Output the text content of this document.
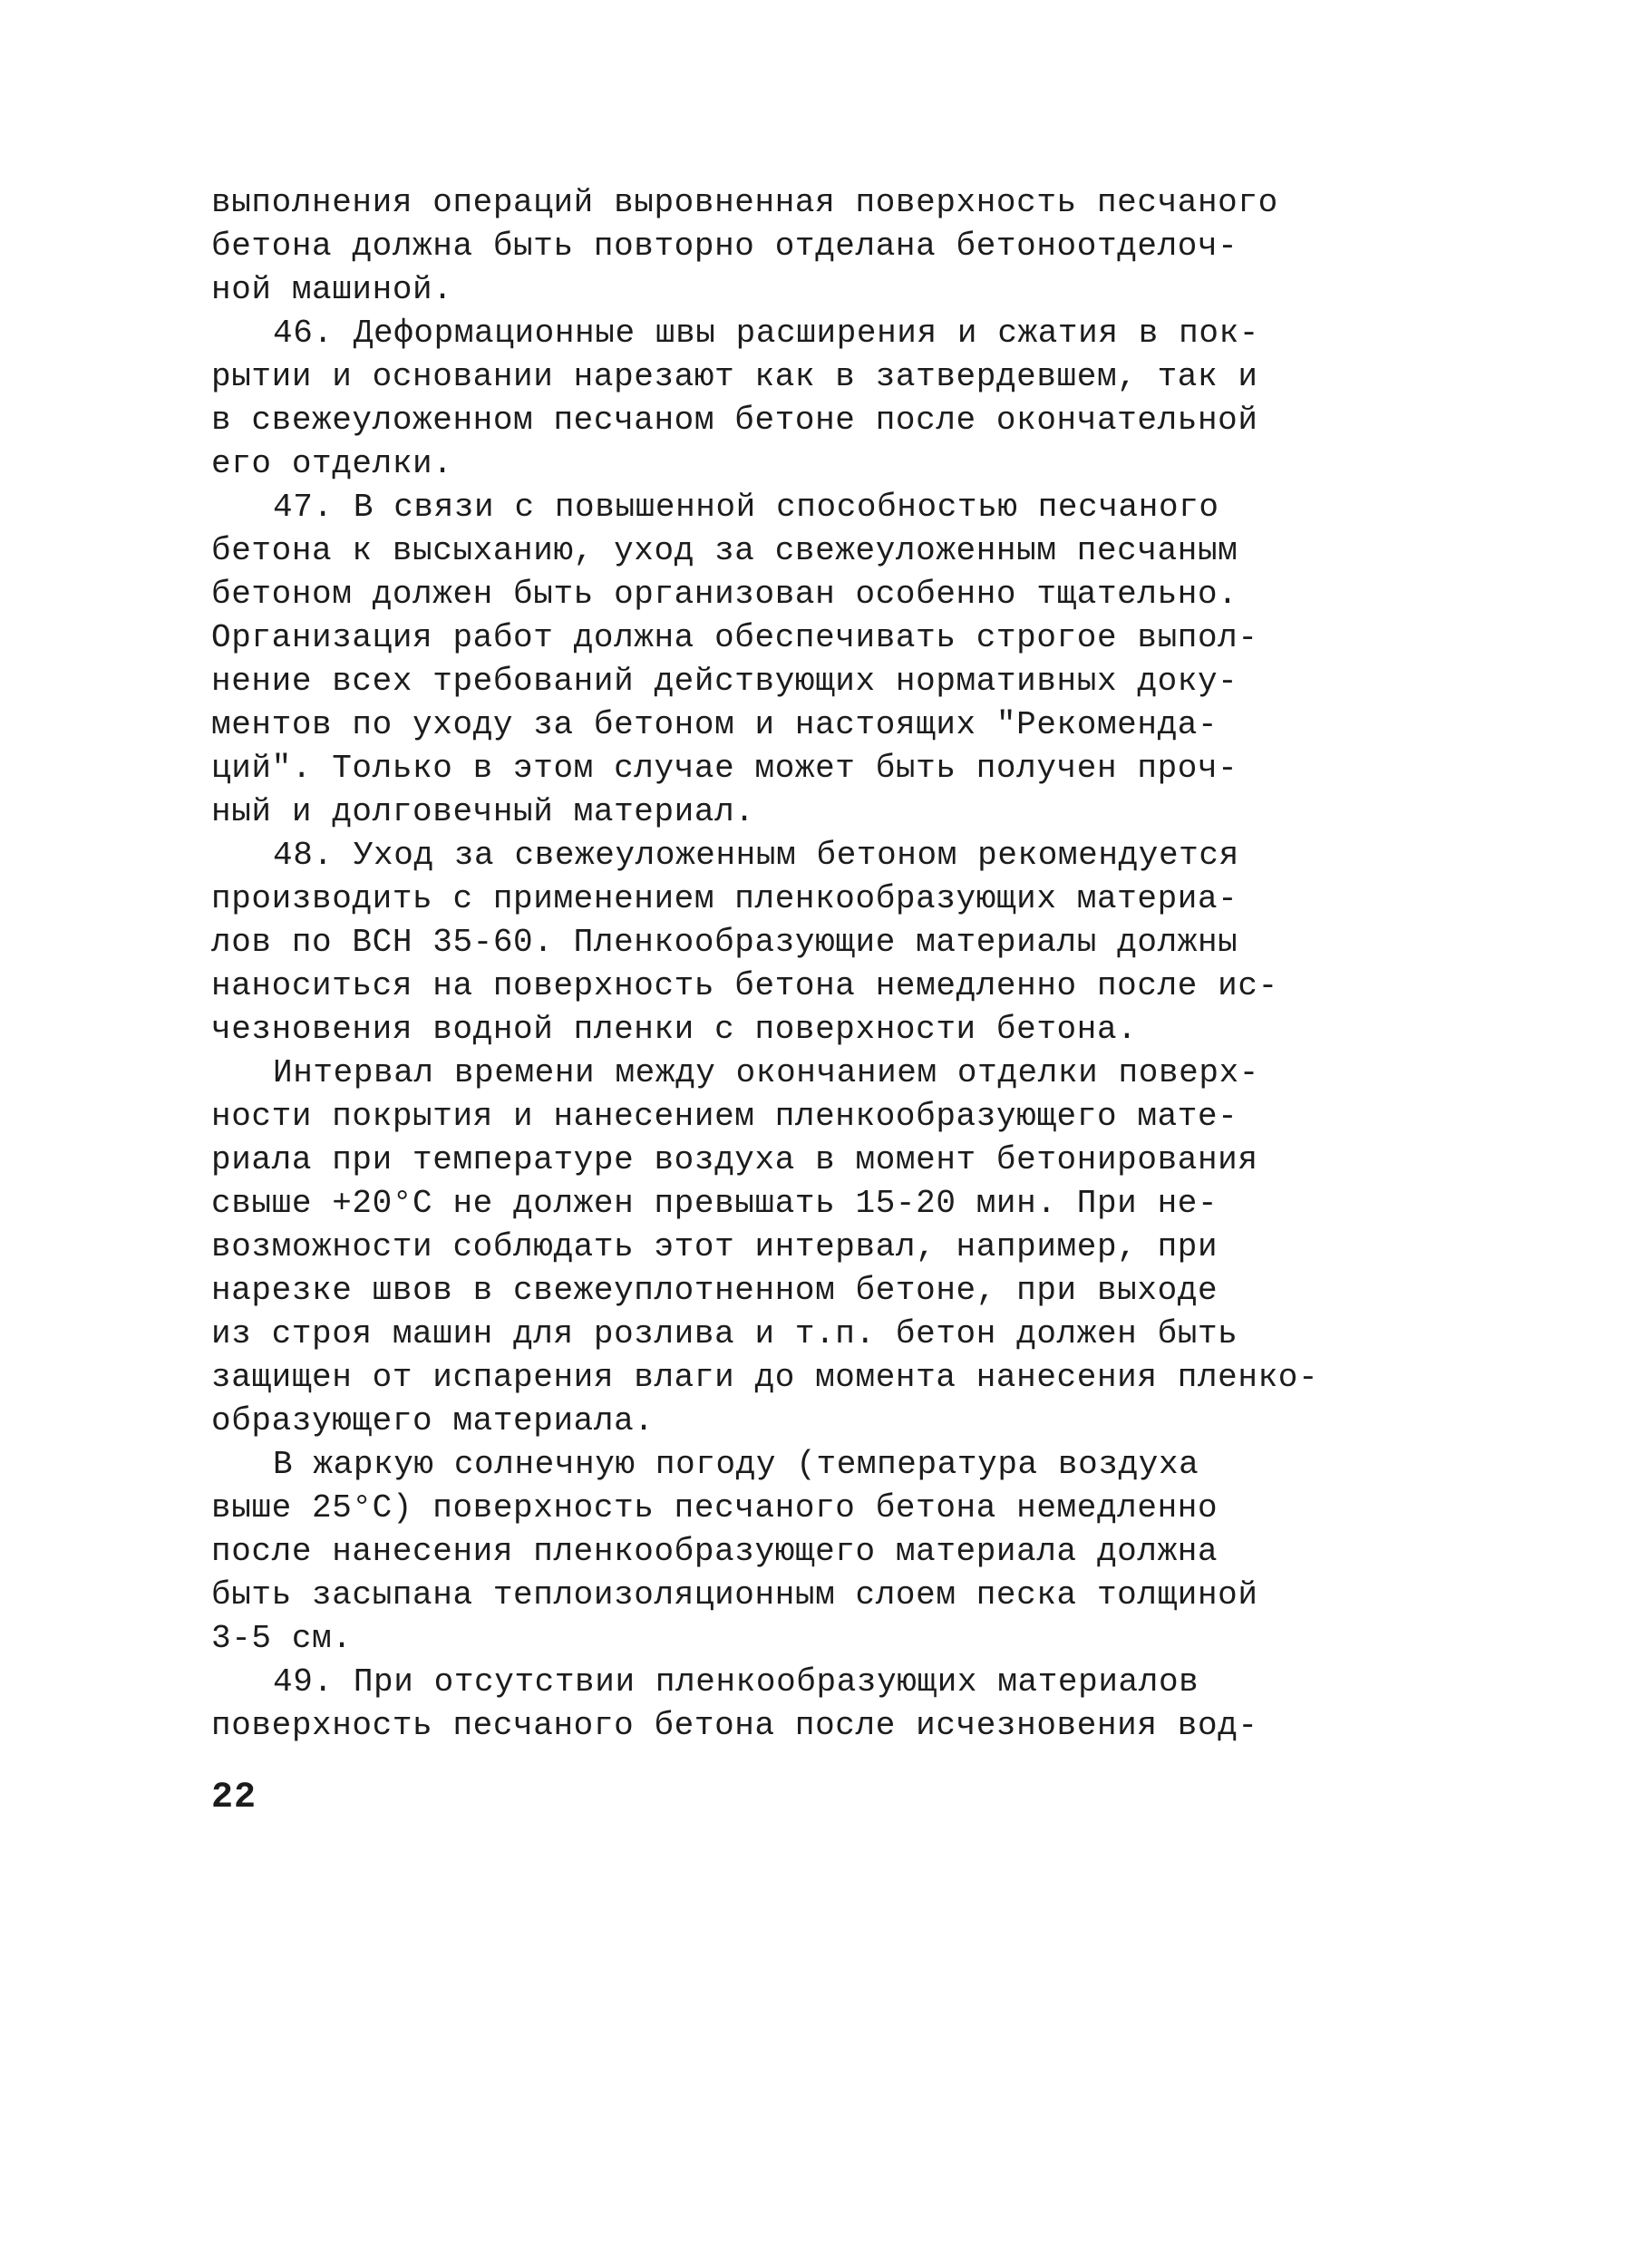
выполнения операций выровненная поверхность песчаного
бетона должна быть повторно отделана бетоноотделоч-
ной машиной.
46. Деформационные швы расширения и сжатия в пок-
рытии и основании нарезают как в затвердевшем, так и
в свежеуложенном песчаном бетоне после окончательной
его отделки.
47. В связи с повышенной способностью песчаного
бетона к высыханию, уход за свежеуложенным песчаным
бетоном должен быть организован особенно тщательно.
Организация работ должна обеспечивать строгое выпол-
нение всех требований действующих нормативных доку-
ментов по уходу за бетоном и настоящих "Рекоменда-
ций". Только в этом случае может быть получен проч-
ный и долговечный материал.
48. Уход за свежеуложенным бетоном рекомендуется
производить с применением пленкообразующих материа-
лов по ВСН 35-60. Пленкообразующие материалы должны
наноситься на поверхность бетона немедленно после ис-
чезновения водной пленки с поверхности бетона.
Интервал времени между окончанием отделки поверх-
ности покрытия и нанесением пленкообразующего мате-
риала при температуре воздуха в момент бетонирования
свыше +20°С не должен превышать 15-20 мин. При не-
возможности соблюдать этот интервал, например, при
нарезке швов в свежеуплотненном бетоне, при выходе
из строя машин для розлива и т.п. бетон должен быть
защищен от испарения влаги до момента нанесения пленко-
образующего материала.
В жаркую солнечную погоду (температура воздуха
выше 25°С) поверхность песчаного бетона немедленно
после нанесения пленкообразующего материала должна
быть засыпана теплоизоляционным слоем песка толщиной
3-5 см.
49. При отсутствии пленкообразующих материалов
поверхность песчаного бетона после исчезновения вод-
22
